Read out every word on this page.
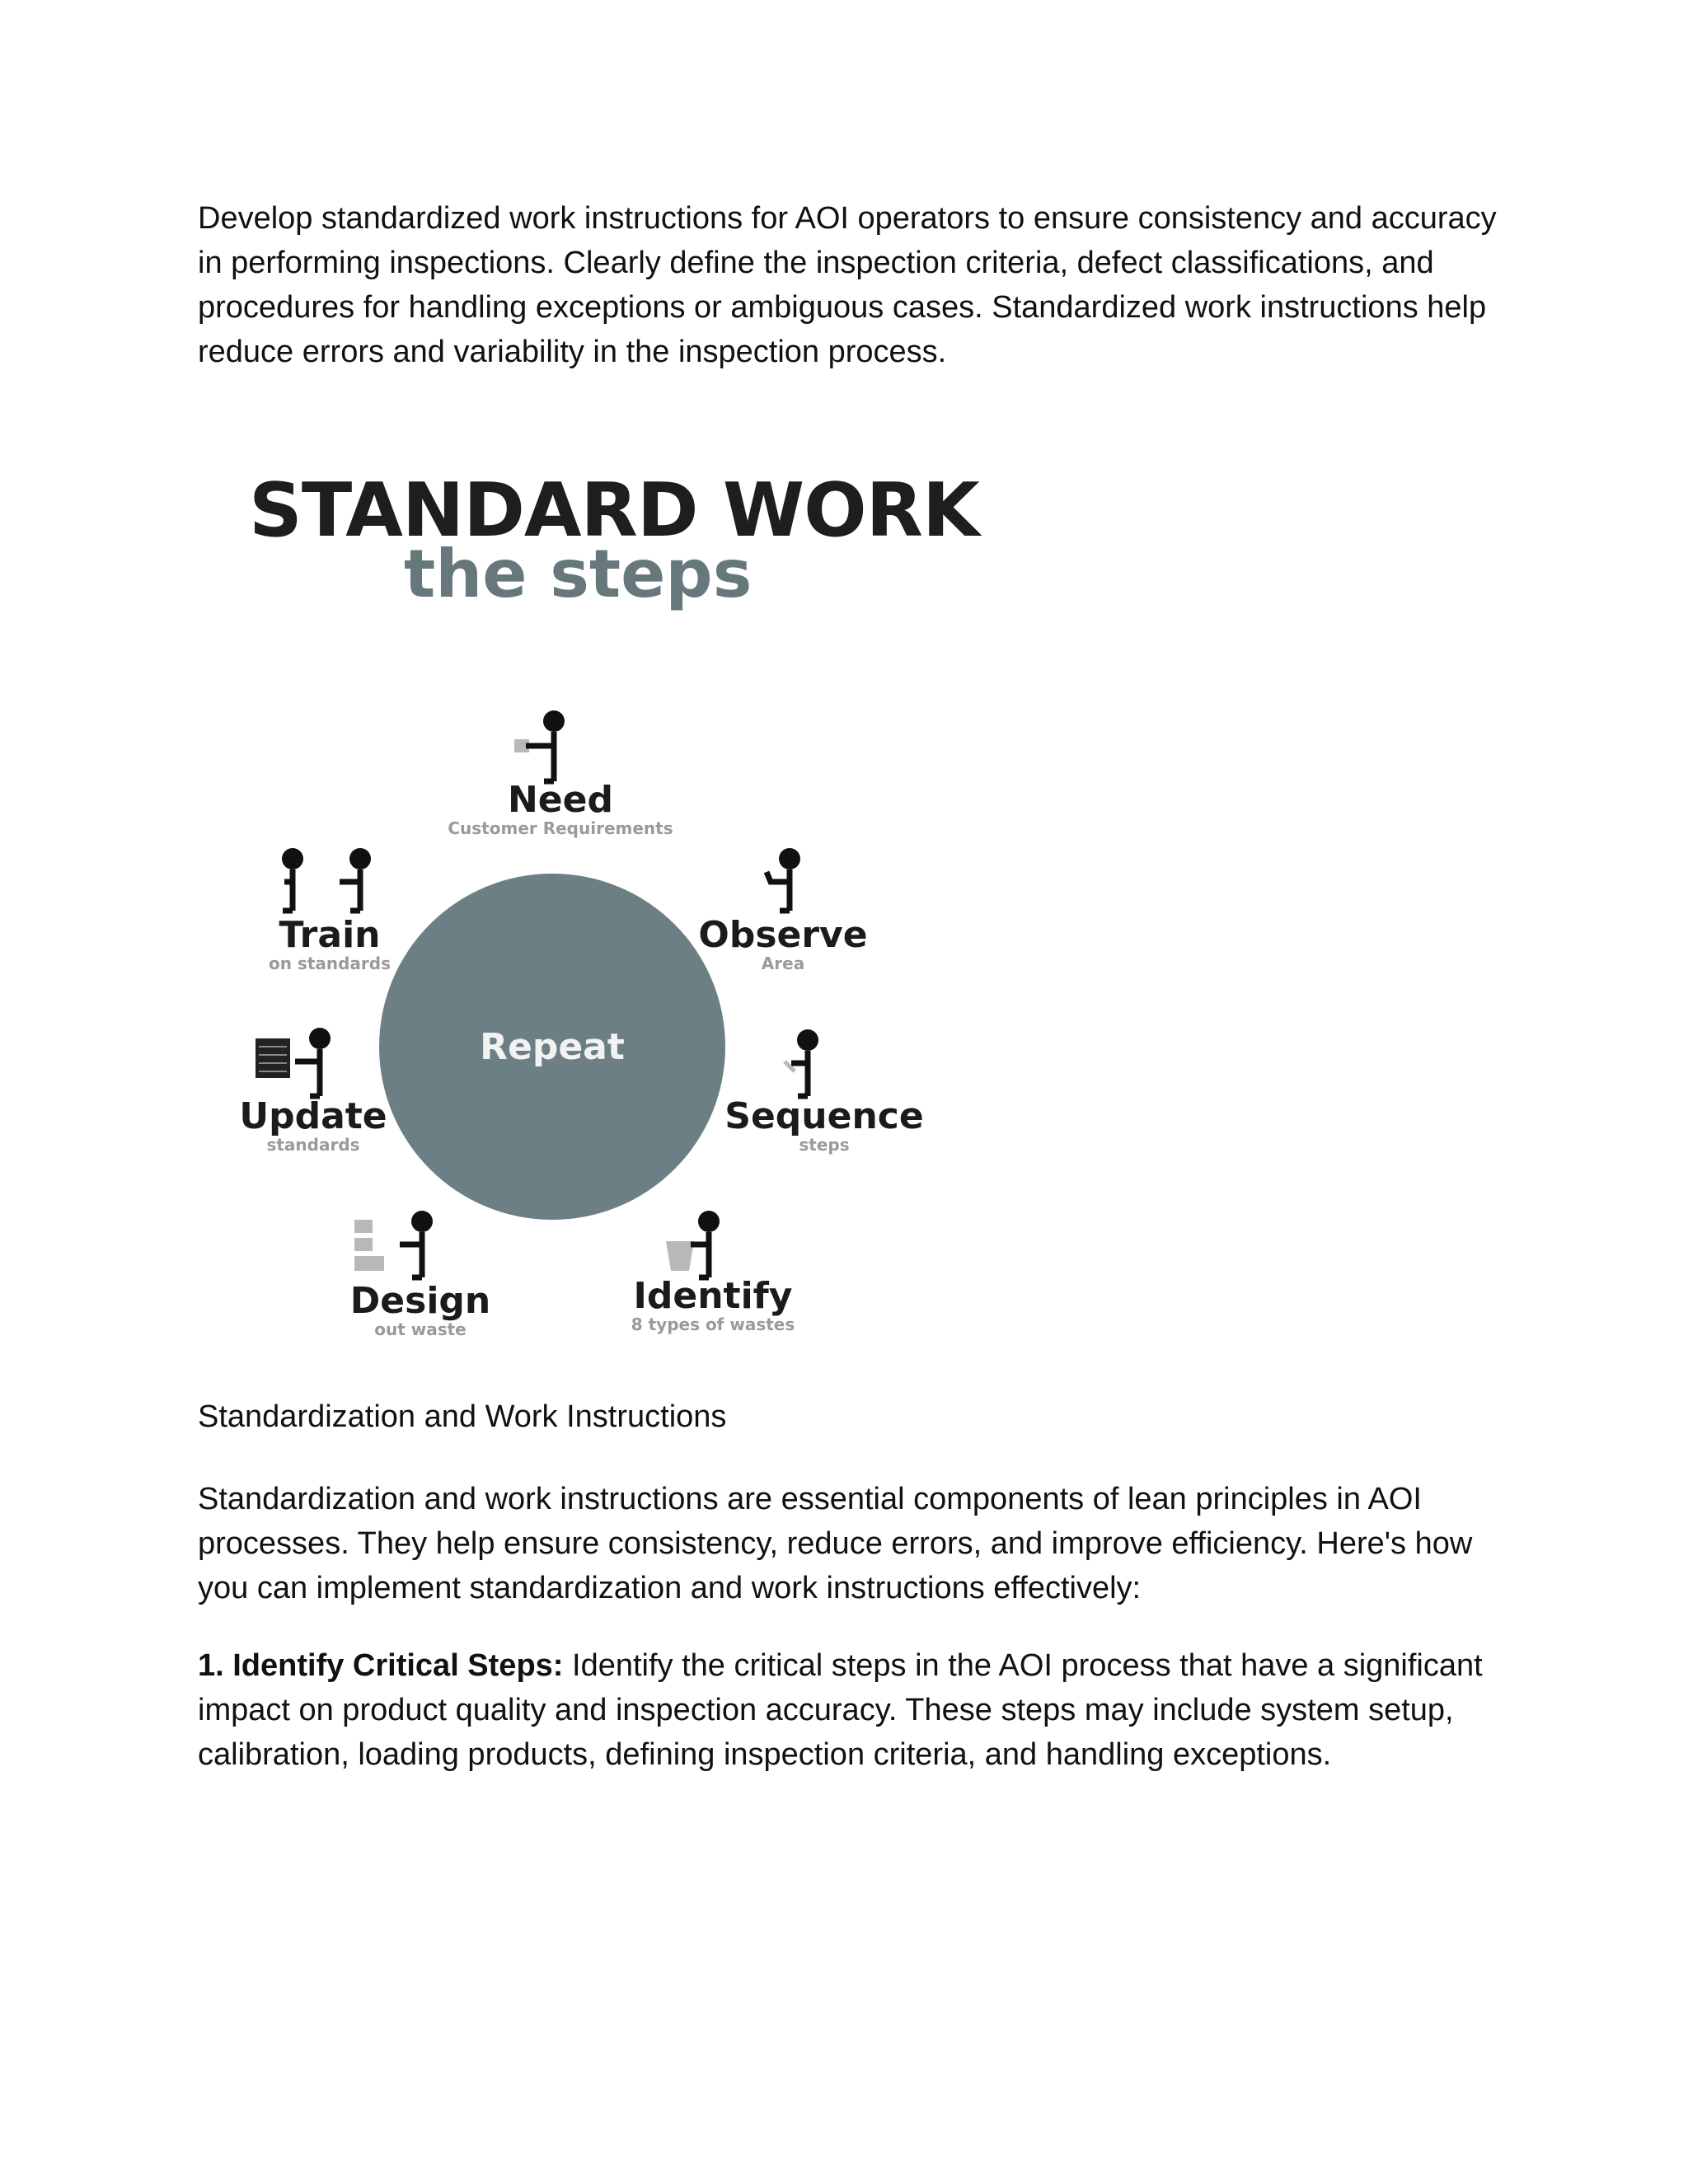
Develop standardized work instructions for AOI operators to ensure consistency and accuracy in performing inspections. Clearly define the inspection criteria, defect classifications, and procedures for handling exceptions or ambiguous cases. Standardized work instructions help reduce errors and variability in the inspection process.

STANDARD WORK
the steps
Repeat
Need
Customer Requirements
Observe
Area
Sequence
steps
Identify
8 types of wastes
Design
out waste
Update
standards
Train
on standards

Standardization and Work Instructions

Standardization and work instructions are essential components of lean principles in AOI processes. They help ensure consistency, reduce errors, and improve efficiency. Here's how you can implement standardization and work instructions effectively:

1. Identify Critical Steps: Identify the critical steps in the AOI process that have a significant impact on product quality and inspection accuracy. These steps may include system setup, calibration, loading products, defining inspection criteria, and handling exceptions.
